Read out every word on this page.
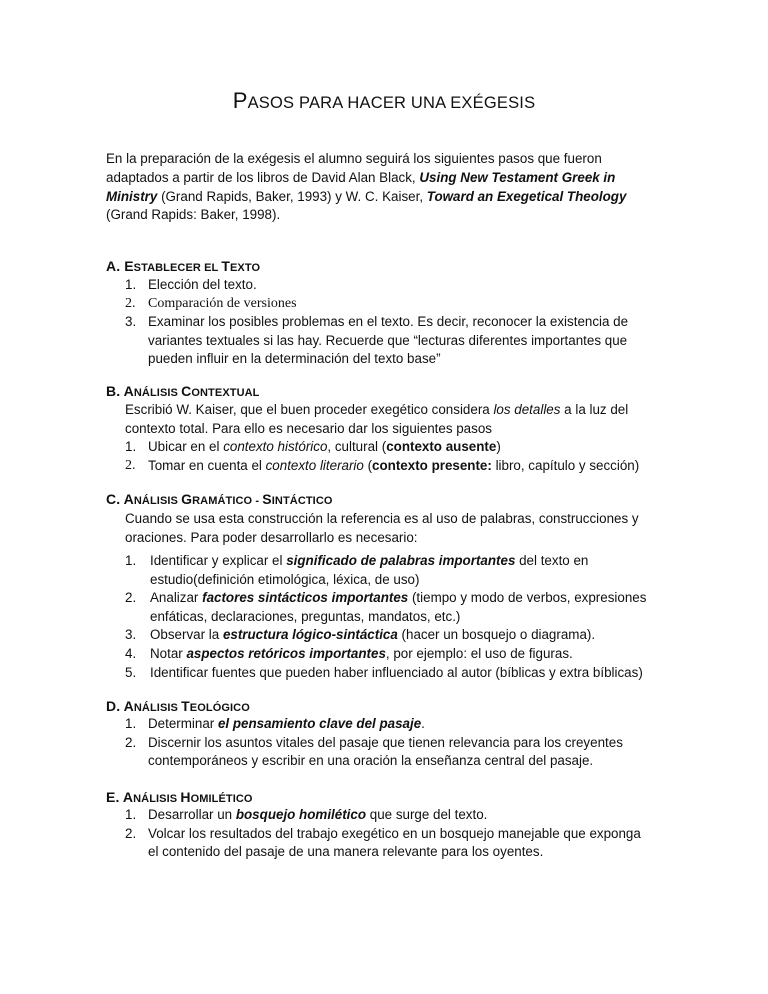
PASOS PARA HACER UNA EXÉGESIS
En la preparación de la exégesis el alumno seguirá los siguientes pasos que fueron
adaptados a partir de los libros de David Alan Black, Using New Testament Greek in
Ministry (Grand Rapids, Baker, 1993) y W. C. Kaiser, Toward an Exegetical Theology
(Grand Rapids: Baker, 1998).
A. ESTABLECER EL TEXTO
1. Elección del texto.
2. Comparación de versiones
3. Examinar los posibles problemas en el texto. Es decir, reconocer la existencia de
variantes textuales si las hay. Recuerde que “lecturas diferentes importantes que
pueden influir en la determinación del texto base”
B. ANÁLISIS CONTEXTUAL
Escribió W. Kaiser, que el buen proceder exegético considera los detalles a la luz del
contexto total. Para ello es necesario dar los siguientes pasos
1. Ubicar en el contexto histórico, cultural (contexto ausente)
2. Tomar en cuenta el contexto literario (contexto presente: libro, capítulo y sección)
C. ANÁLISIS GRAMÁTICO - SINTÁCTICO
Cuando se usa esta construcción la referencia es al uso de palabras, construcciones y
oraciones. Para poder desarrollarlo es necesario:
1. Identificar y explicar el significado de palabras importantes del texto en
estudio(definición etimológica, léxica, de uso)
2. Analizar factores sintácticos importantes (tiempo y modo de verbos, expresiones
enfáticas, declaraciones, preguntas, mandatos, etc.)
3. Observar la estructura lógico-sintáctica (hacer un bosquejo o diagrama).
4. Notar aspectos retóricos importantes, por ejemplo: el uso de figuras.
5. Identificar fuentes que pueden haber influenciado al autor (bíblicas y extra bíblicas)
D. ANÁLISIS TEOLÓGICO
1. Determinar el pensamiento clave del pasaje.
2. Discernir los asuntos vitales del pasaje que tienen relevancia para los creyentes
contemporáneos y escribir en una oración la enseñanza central del pasaje.
E. ANÁLISIS HOMILÉTICO
1. Desarrollar un bosquejo homilético que surge del texto.
2. Volcar los resultados del trabajo exegético en un bosquejo manejable que exponga
el contenido del pasaje de una manera relevante para los oyentes.
